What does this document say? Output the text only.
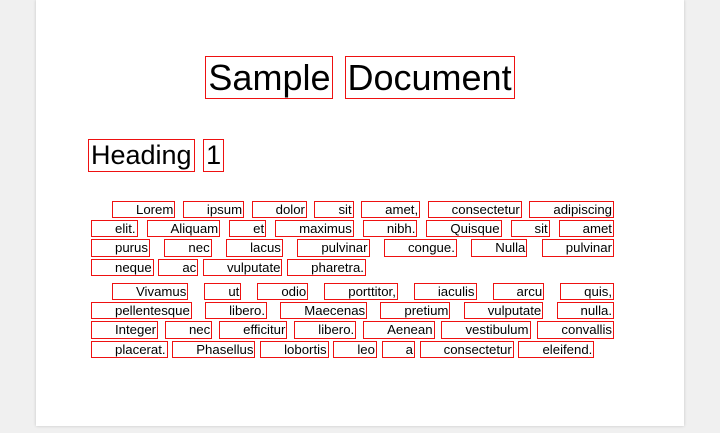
Sample Document
Heading 1
Lorem	ipsum	dolor	sit	amet,	consectetur	adipiscing elit.	Aliquam	et	maximus	nibh.	Quisque	sit	amet purus	nec	lacus	pulvinar	congue.	Nulla	pulvinar neque ac vulputate pharetra.
Vivamus	ut	odio	porttitor,	iaculis	arcu	quis, pellentesque	libero.	Maecenas	pretium	vulputate	nulla. Integer nec efficitur libero. Aenean vestibulum convallis placerat. Phasellus lobortis leo a consectetur eleifend.
